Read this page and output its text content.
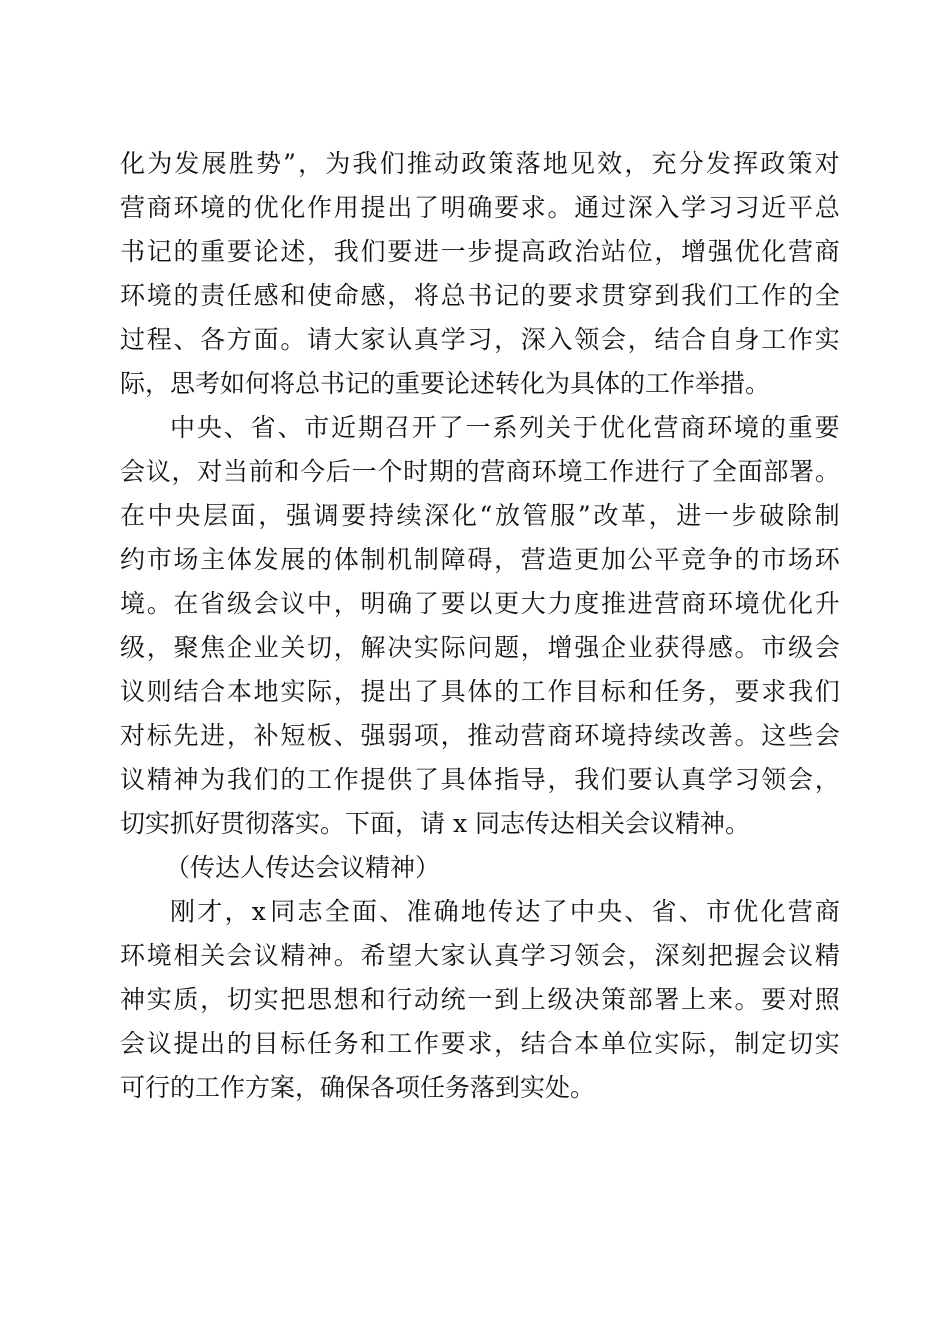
化 为 发 展 胜 势 ” ， 为 我 们 推 动 政 策 落 地 见 效 ， 充 分 发 挥 政 策 对
营 商 环 境 的 优 化 作 用 提 出 了 明 确 要 求 。 通 过 深 入 学 习 习 近 平 总
书 记 的 重 要 论 述 ， 我 们 要 进 一 步 提 高 政 治 站 位 ， 增 强 优 化 营 商
环 境 的 责 任 感 和 使 命 感 ， 将 总 书 记 的 要 求 贯 穿 到 我 们 工 作 的 全
过 程 、 各 方 面 。 请 大 家 认 真 学 习 ， 深 入 领 会 ， 结 合 自 身 工 作 实
际，思考如何将总书记的重要论述转化为具体的工作举措。
中 央 、 省 、 市 近 期 召 开 了 一 系 列 关 于 优 化 营 商 环 境 的 重 要
会 议 ， 对 当 前 和 今 后 一 个 时 期 的 营 商 环 境 工 作 进 行 了 全 面 部 署 。
在 中 央 层 面 ， 强 调 要 持 续 深 化 “ 放 管 服 ” 改 革 ， 进 一 步 破 除 制
约 市 场 主 体 发 展 的 体 制 机 制 障 碍 ， 营 造 更 加 公 平 竞 争 的 市 场 环
境 。 在 省 级 会 议 中 ， 明 确 了 要 以 更 大 力 度 推 进 营 商 环 境 优 化 升
级 ， 聚 焦 企 业 关 切 ， 解 决 实 际 问 题 ， 增 强 企 业 获 得 感 。 市 级 会
议 则 结 合 本 地 实 际 ， 提 出 了 具 体 的 工 作 目 标 和 任 务 ， 要 求 我 们
对 标 先 进 ， 补 短 板 、 强 弱 项 ， 推 动 营 商 环 境 持 续 改 善 。 这 些 会
议 精 神 为 我 们 的 工 作 提 供 了 具 体 指 导 ， 我 们 要 认 真 学 习 领 会 ，
切实抓好贯彻落实。下面，请 x 同志传达相关会议精神。
（传达人传达会议精神）
刚 才 ， x 同 志 全 面 、 准 确 地 传 达 了 中 央 、 省 、 市 优 化 营 商
环 境 相 关 会 议 精 神 。 希 望 大 家 认 真 学 习 领 会 ， 深 刻 把 握 会 议 精
神 实 质 ， 切 实 把 思 想 和 行 动 统 一 到 上 级 决 策 部 署 上 来 。 要 对 照
会 议 提 出 的 目 标 任 务 和 工 作 要 求 ， 结 合 本 单 位 实 际 ， 制 定 切 实
可行的工作方案，确保各项任务落到实处。
